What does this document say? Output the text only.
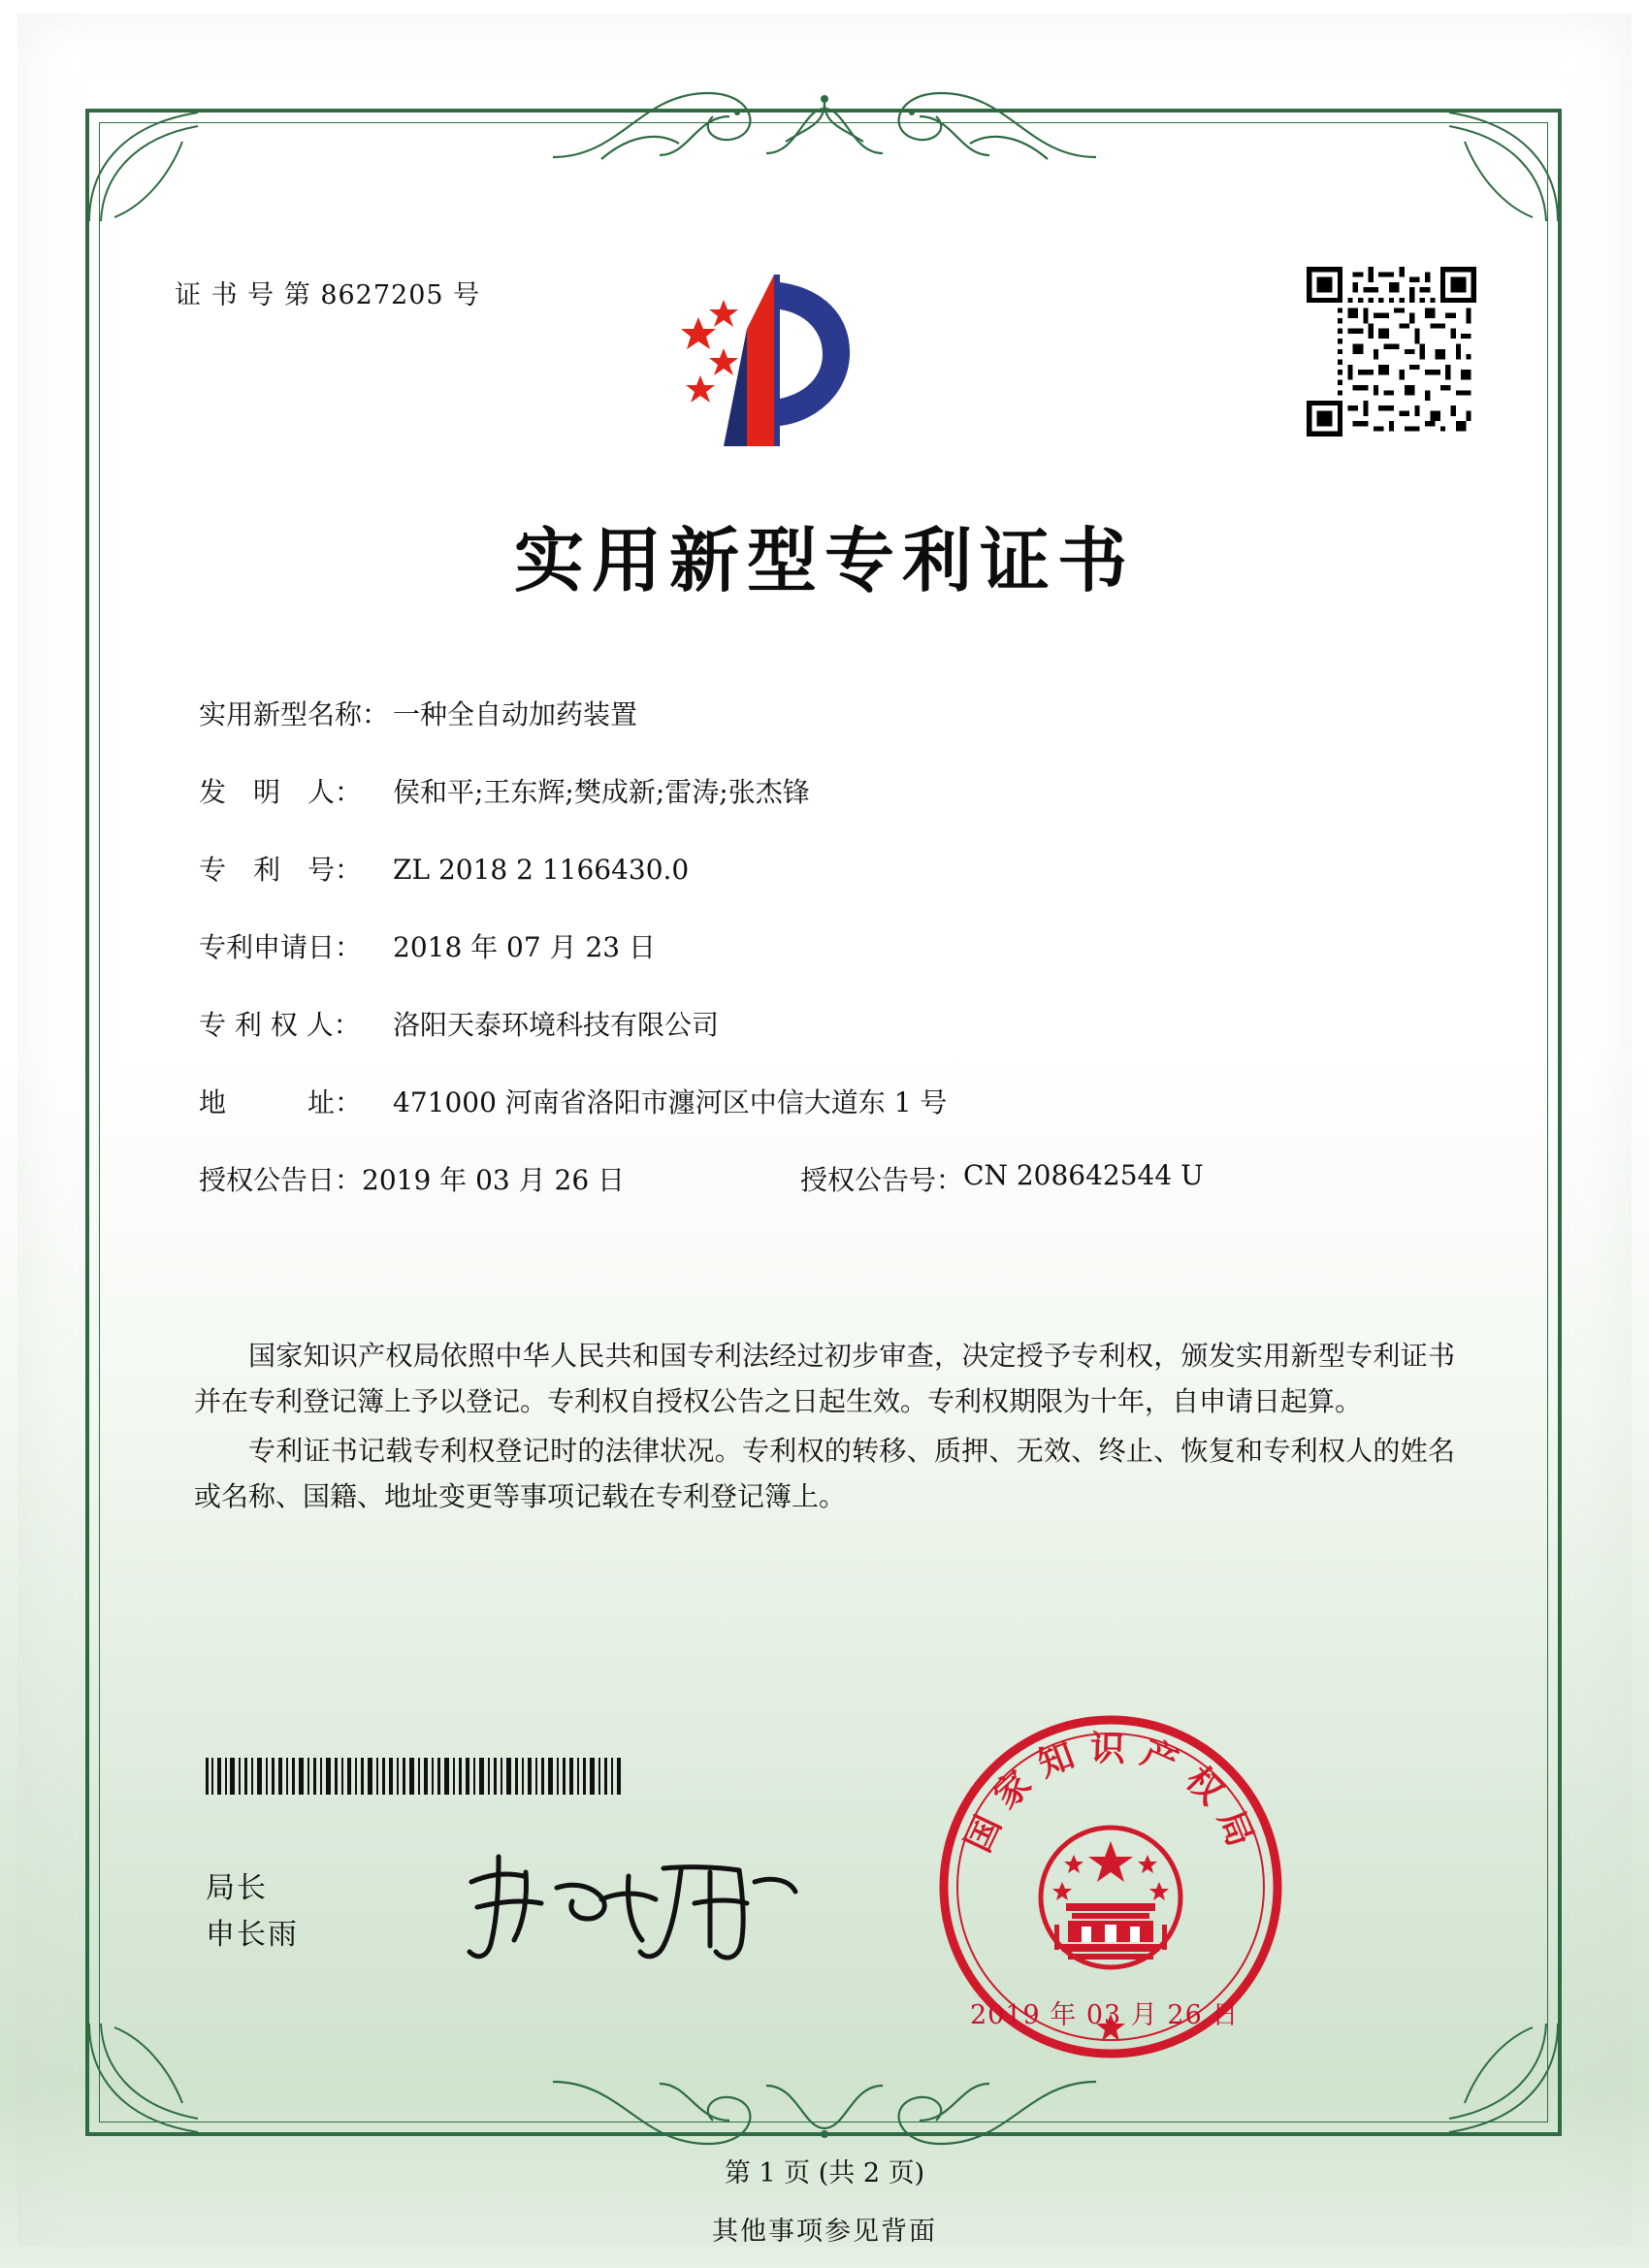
证 书 号 第 8627205 号
实用新型专利证书
实用新型名称： 一种全自动加药装置
发　明　人：	侯和平;王东辉;樊成新;雷涛;张杰锋
专　利　号：	ZL 2018 2 1166430.0
专利申请日：	2018 年 07 月 23 日
专 利 权 人：	洛阳天泰环境科技有限公司
地　　　址：	471000 河南省洛阳市瀍河区中信大道东 1 号
授权公告日： 2019 年 03 月 26 日	授权公告号： CN 208642544 U

国家知识产权局依照中华人民共和国专利法经过初步审查，决定授予专利权，颁发实用新型专利证书并在专利登记簿上予以登记。专利权自授权公告之日起生效。专利权期限为十年，自申请日起算。

专利证书记载专利权登记时的法律状况。专利权的转移、质押、无效、终止、恢复和专利权人的姓名或名称、国籍、地址变更等事项记载在专利登记簿上。

局长
申长雨
国家知识产权局
2019 年 03 月 26 日
第 1 页 (共 2 页)
其他事项参见背面
